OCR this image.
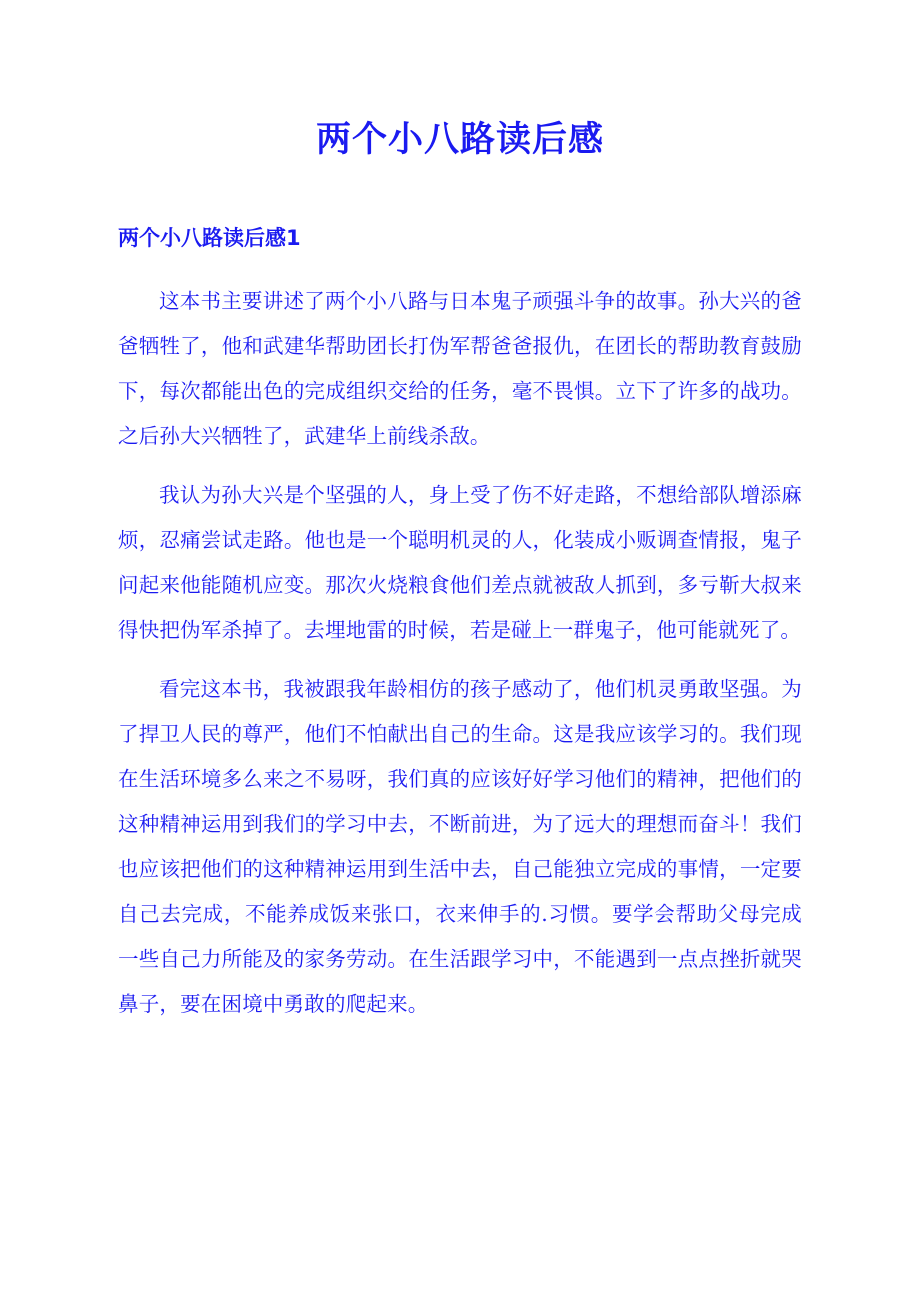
两个小八路读后感
两个小八路读后感1

这本书主要讲述了两个小八路与日本鬼子顽强斗争的故事。孙大兴的爸爸牺牲了，他和武建华帮助团长打伪军帮爸爸报仇，在团长的帮助教育鼓励下，每次都能出色的完成组织交给的任务，毫不畏惧。立下了许多的战功。之后孙大兴牺牲了，武建华上前线杀敌。

我认为孙大兴是个坚强的人，身上受了伤不好走路，不想给部队增添麻烦，忍痛尝试走路。他也是一个聪明机灵的人，化装成小贩调查情报，鬼子问起来他能随机应变。那次火烧粮食他们差点就被敌人抓到，多亏靳大叔来得快把伪军杀掉了。去埋地雷的时候，若是碰上一群鬼子，他可能就死了。

看完这本书，我被跟我年龄相仿的孩子感动了，他们机灵勇敢坚强。为了捍卫人民的尊严，他们不怕献出自己的生命。这是我应该学习的。我们现在生活环境多么来之不易呀，我们真的应该好好学习他们的精神，把他们的这种精神运用到我们的学习中去，不断前进，为了远大的理想而奋斗！我们也应该把他们的这种精神运用到生活中去，自己能独立完成的事情，一定要自己去完成，不能养成饭来张口，衣来伸手的.习惯。要学会帮助父母完成一些自己力所能及的家务劳动。在生活跟学习中，不能遇到一点点挫折就哭鼻子，要在困境中勇敢的爬起来。
